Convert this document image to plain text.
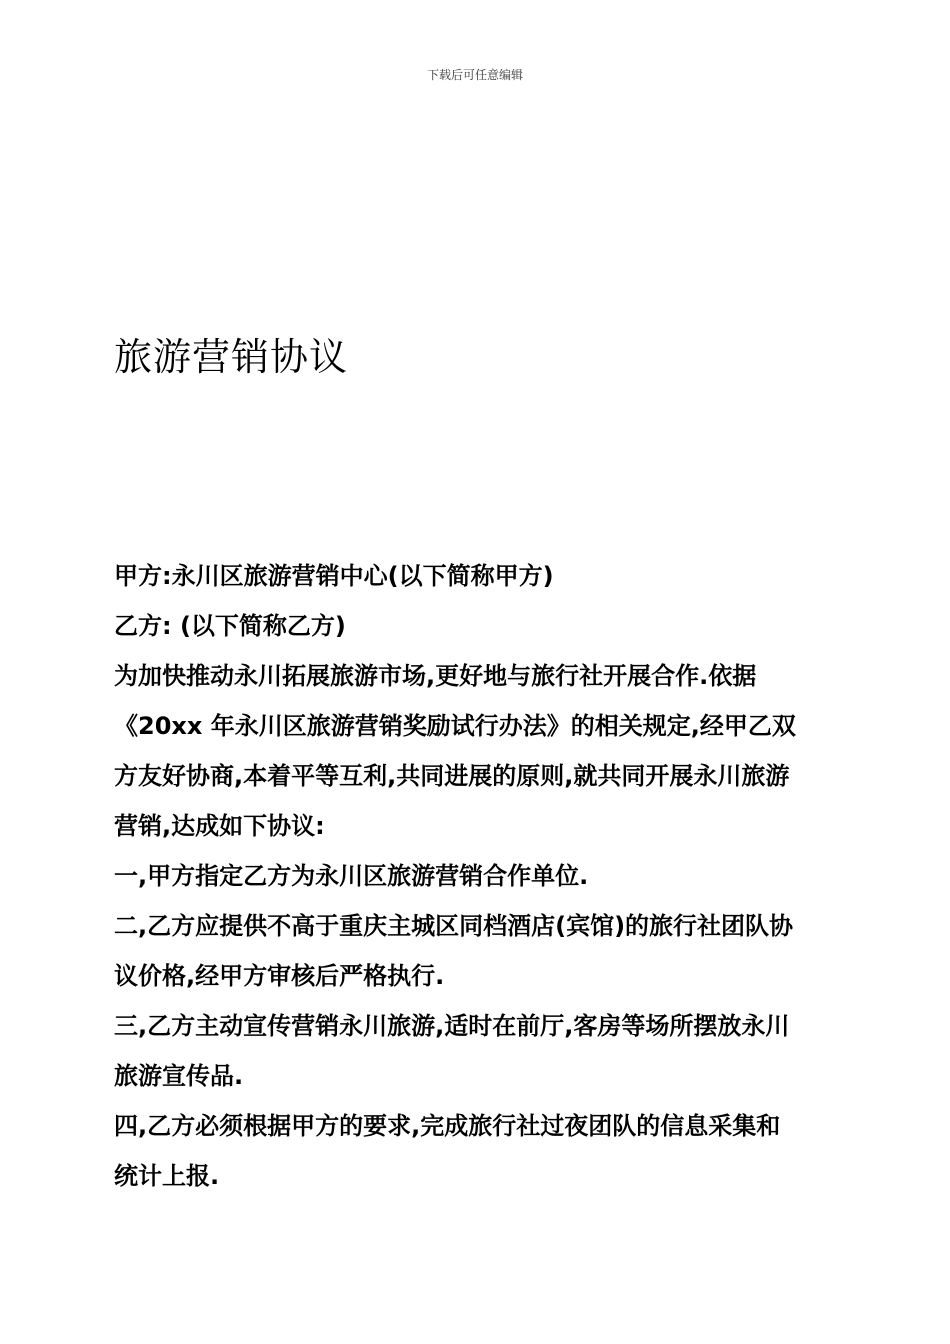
下载后可任意编辑
旅游营销协议

甲方:永川区旅游营销中心(以下简称甲方)

乙方: (以下简称乙方)

为加快推动永川拓展旅游市场,更好地与旅行社开展合作.依据

《20xx 年永川区旅游营销奖励试行办法》的相关规定,经甲乙双

方友好协商,本着平等互利,共同进展的原则,就共同开展永川旅游

营销,达成如下协议:

一,甲方指定乙方为永川区旅游营销合作单位.

二,乙方应提供不高于重庆主城区同档酒店(宾馆)的旅行社团队协

议价格,经甲方审核后严格执行.

三,乙方主动宣传营销永川旅游,适时在前厅,客房等场所摆放永川

旅游宣传品.

四,乙方必须根据甲方的要求,完成旅行社过夜团队的信息采集和

统计上报.
